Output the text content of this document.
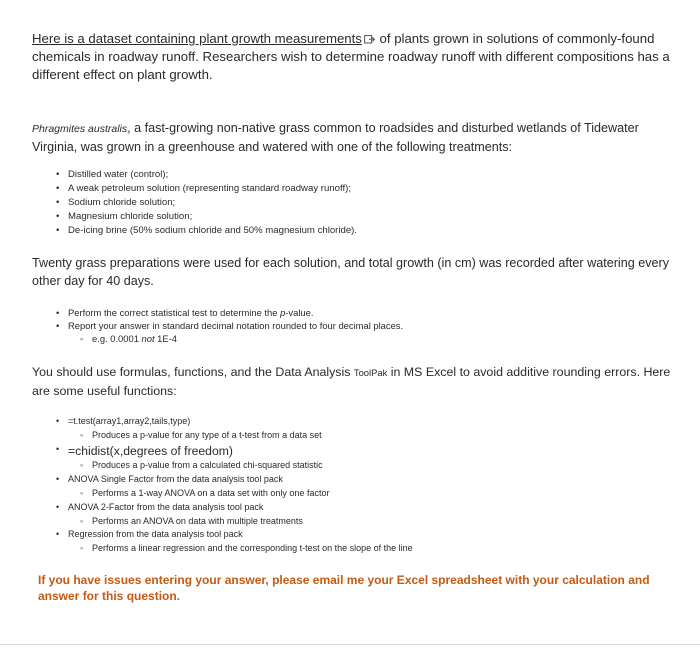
Here is a dataset containing plant growth measurements of plants grown in solutions of commonly-found chemicals in roadway runoff. Researchers wish to determine roadway runoff with different compositions has a different effect on plant growth.

Phragmites australis, a fast-growing non-native grass common to roadsides and disturbed wetlands of Tidewater Virginia, was grown in a greenhouse and watered with one of the following treatments:

• Distilled water (control);
• A weak petroleum solution (representing standard roadway runoff);
• Sodium chloride solution;
• Magnesium chloride solution;
• De-icing brine (50% sodium chloride and 50% magnesium chloride).

Twenty grass preparations were used for each solution, and total growth (in cm) was recorded after watering every other day for 40 days.

• Perform the correct statistical test to determine the p-value.
• Report your answer in standard decimal notation rounded to four decimal places.
◦ e.g. 0.0001 not 1E-4

You should use formulas, functions, and the Data Analysis ToolPak in MS Excel to avoid additive rounding errors. Here are some useful functions:

• =t.test(array1,array2,tails,type)
◦ Produces a p-value for any type of a t-test from a data set
• =chidist(x,degrees of freedom)
◦ Produces a p-value from a calculated chi-squared statistic
• ANOVA Single Factor from the data analysis tool pack
◦ Performs a 1-way ANOVA on a data set with only one factor
• ANOVA 2-Factor from the data analysis tool pack
◦ Performs an ANOVA on data with multiple treatments
• Regression from the data analysis tool pack
◦ Performs a linear regression and the corresponding t-test on the slope of the line

If you have issues entering your answer, please email me your Excel spreadsheet with your calculation and answer for this question.
